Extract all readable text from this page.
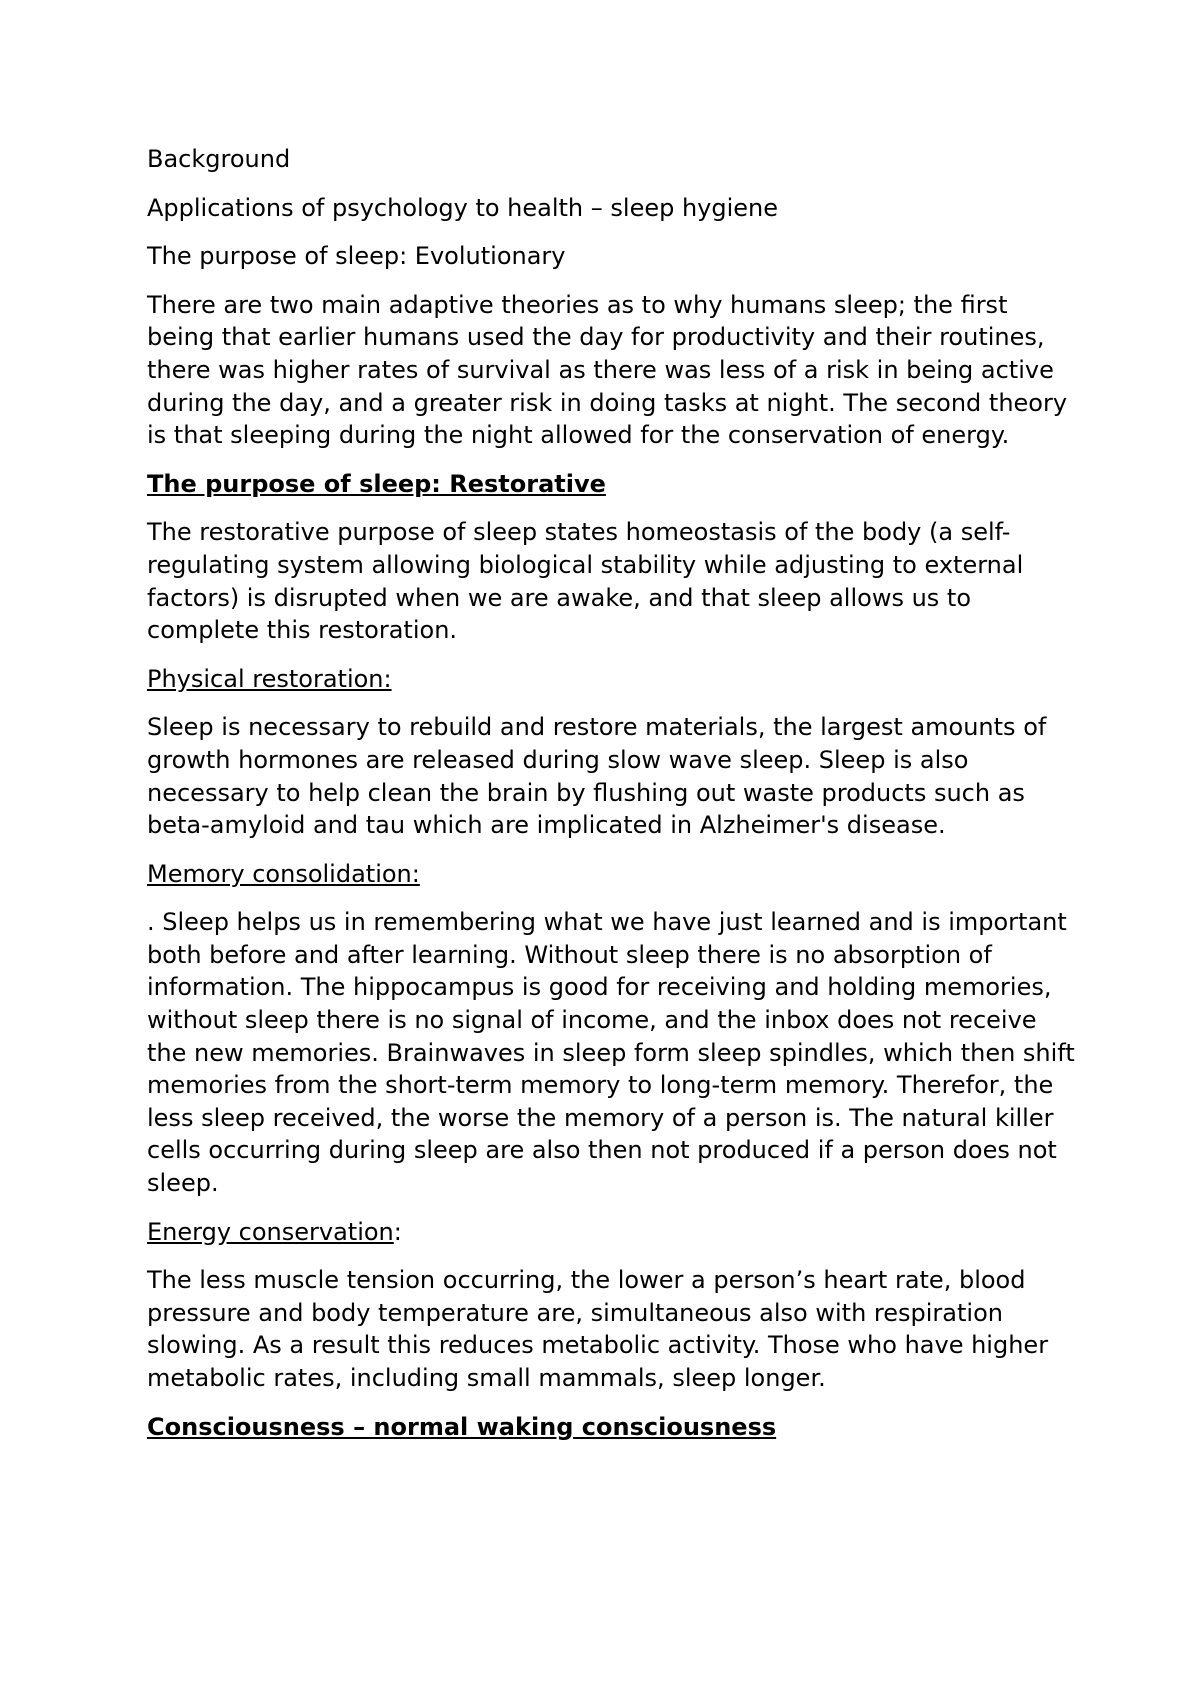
Background

Applications of psychology to health – sleep hygiene

The purpose of sleep: Evolutionary

There are two main adaptive theories as to why humans sleep; the first being that earlier humans used the day for productivity and their routines, there was higher rates of survival as there was less of a risk in being active during the day, and a greater risk in doing tasks at night. The second theory is that sleeping during the night allowed for the conservation of energy.

The purpose of sleep: Restorative

The restorative purpose of sleep states homeostasis of the body (a self-regulating system allowing biological stability while adjusting to external factors) is disrupted when we are awake, and that sleep allows us to complete this restoration.

Physical restoration:

Sleep is necessary to rebuild and restore materials, the largest amounts of growth hormones are released during slow wave sleep. Sleep is also necessary to help clean the brain by flushing out waste products such as beta-amyloid and tau which are implicated in Alzheimer's disease.

Memory consolidation:

. Sleep helps us in remembering what we have just learned and is important both before and after learning. Without sleep there is no absorption of information. The hippocampus is good for receiving and holding memories, without sleep there is no signal of income, and the inbox does not receive the new memories. Brainwaves in sleep form sleep spindles, which then shift memories from the short-term memory to long-term memory. Therefor, the less sleep received, the worse the memory of a person is. The natural killer cells occurring during sleep are also then not produced if a person does not sleep.

Energy conservation:

The less muscle tension occurring, the lower a person’s heart rate, blood pressure and body temperature are, simultaneous also with respiration slowing. As a result this reduces metabolic activity. Those who have higher metabolic rates, including small mammals, sleep longer.

Consciousness – normal waking consciousness
